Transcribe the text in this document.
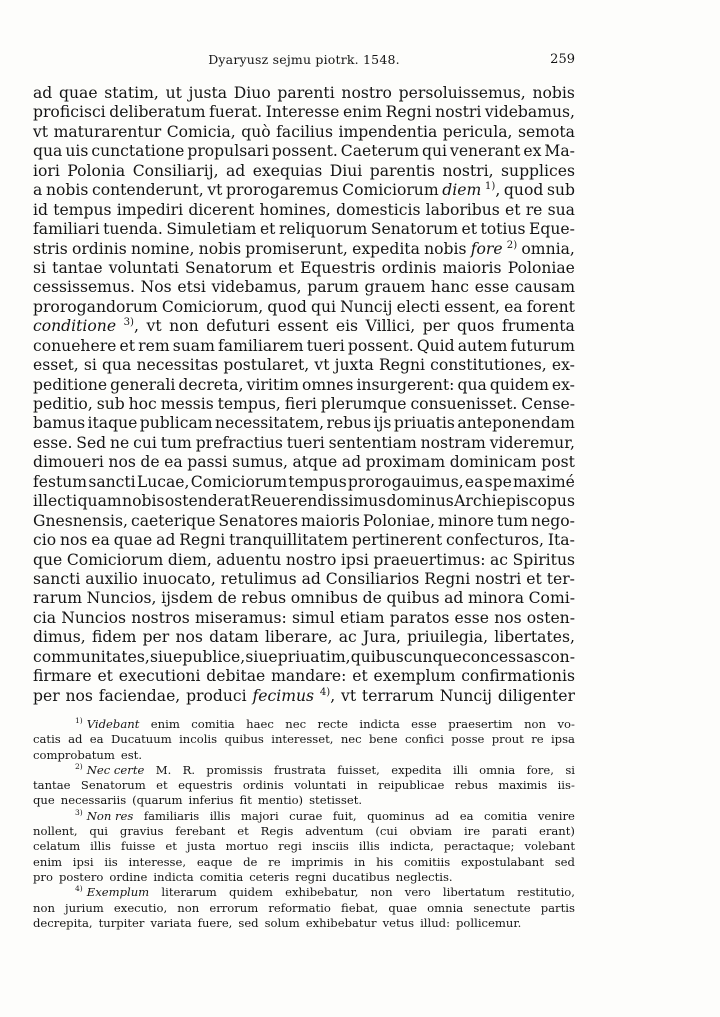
Dyaryusz sejmu piotrk. 1548.	259
ad quae statim, ut justa Diuo parenti nostro persoluissemus, nobis
proficisci deliberatum fuerat. Interesse enim Regni nostri videbamus,
vt maturarentur Comicia, quò facilius impendentia pericula, semota
qua uis cunctatione propulsari possent. Caeterum qui venerant ex Ma-
iori Polonia Consiliarij, ad exequias Diui parentis nostri, supplices
a nobis contenderunt, vt prorogaremus Comiciorum diem $^{1)}$, quod sub
id tempus impediri dicerent homines, domesticis laboribus et re sua
familiari tuenda. Simuletiam et reliquorum Senatorum et totius Eque-
stris ordinis nomine, nobis promiserunt, expedita nobis fore $^{2)}$ omnia,
si tantae voluntati Senatorum et Equestris ordinis maioris Poloniae
cessissemus. Nos etsi videbamus, parum grauem hanc esse causam
prorogandorum Comiciorum, quod qui Nuncij electi essent, ea forent
conditione $^{3)}$, vt non defuturi essent eis Villici, per quos frumenta
conuehere et rem suam familiarem tueri possent. Quid autem futurum
esset, si qua necessitas postularet, vt juxta Regni constitutiones, ex-
peditione generali decreta, viritim omnes insurgerent: qua quidem ex-
peditio, sub hoc messis tempus, fieri plerumque consuenisset. Cense-
bamus itaque publicam necessitatem, rebus ijs priuatis anteponendam
esse. Sed ne cui tum prefractius tueri sententiam nostram videremur,
dimoueri nos de ea passi sumus, atque ad proximam dominicam post
festum sancti Lucae, Comiciorum tempus prorogauimus, ea spe maximé
illecti quam nobis ostenderat Reuerendissimus dominus Archiepiscopus
Gnesnensis, caeterique Senatores maioris Poloniae, minore tum nego-
cio nos ea quae ad Regni tranquillitatem pertinerent confecturos, Ita-
que Comiciorum diem, aduentu nostro ipsi praeuertimus: ac Spiritus
sancti auxilio inuocato, retulimus ad Consiliarios Regni nostri et ter-
rarum Nuncios, ijsdem de rebus omnibus de quibus ad minora Comi-
cia Nuncios nostros miseramus: simul etiam paratos esse nos osten-
dimus, fidem per nos datam liberare, ac Jura, priuilegia, libertates,
communitates, siue publice, siue priuatim, quibuscunque concessas con-
firmare et executioni debitae mandare: et exemplum confirmationis
per nos faciendae, produci fecimus $^{4)}$, vt terrarum Nuncij diligenter
$^{1)}$ Videbant enim comitia haec nec recte indicta esse praesertim non vo-
catis ad ea Ducatuum incolis quibus interesset, nec bene confici posse prout re ipsa
comprobatum est.
$^{2)}$ Nec certe M. R. promissis frustrata fuisset, expedita illi omnia fore, si
tantae Senatorum et equestris ordinis voluntati in reipublicae rebus maximis iis-
que necessariis (quarum inferius fit mentio) stetisset.
$^{3)}$ Non res familiaris illis majori curae fuit, quominus ad ea comitia venire
nollent, qui gravius ferebant et Regis adventum (cui obviam ire parati erant)
celatum illis fuisse et justa mortuo regi insciis illis indicta, peractaque; volebant
enim ipsi iis interesse, eaque de re imprimis in his comitiis expostulabant sed
pro postero ordine indicta comitia ceteris regni ducatibus neglectis.
$^{4)}$ Exemplum literarum quidem exhibebatur, non vero libertatum restitutio,
non jurium executio, non errorum reformatio fiebat, quae omnia senectute partis
decrepita, turpiter variata fuere, sed solum exhibebatur vetus illud: pollicemur.
